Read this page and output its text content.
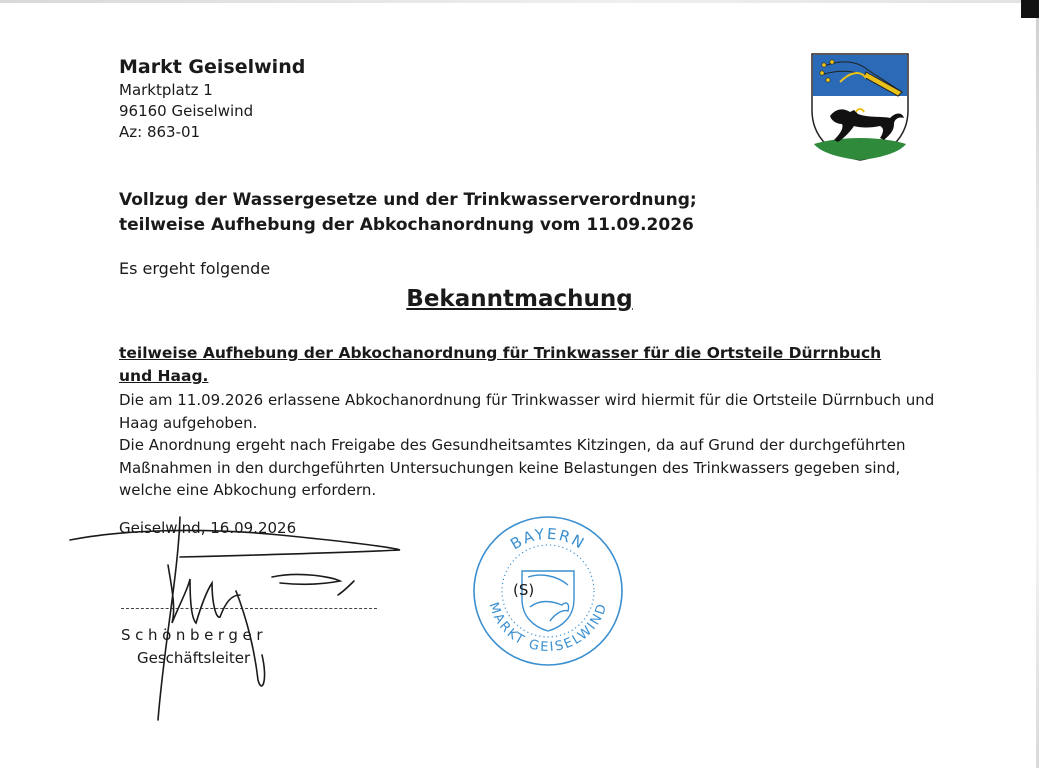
Markt Geiselwind
Marktplatz 1
96160 Geiselwind
Az: 863-01
Vollzug der Wassergesetze und der Trinkwasserverordnung;
teilweise Aufhebung der Abkochanordnung vom 11.09.2026
Es ergeht folgende
Bekanntmachung
teilweise Aufhebung der Abkochanordnung für Trinkwasser für die Ortsteile Dürrnbuch und Haag.

Die am 11.09.2026 erlassene Abkochanordnung für Trinkwasser wird hiermit für die Ortsteile Dürrnbuch und Haag aufgehoben.

Die Anordnung ergeht nach Freigabe des Gesundheitsamtes Kitzingen, da auf Grund der durchgeführten Maßnahmen in den durchgeführten Untersuchungen keine Belastungen des Trinkwassers gegeben sind, welche eine Abkochung erfordern.

Geiselwind, 16.09.2026
Schönberger
Geschäftsleiter
BAYERN
MARKT GEISELWIND
(S)
